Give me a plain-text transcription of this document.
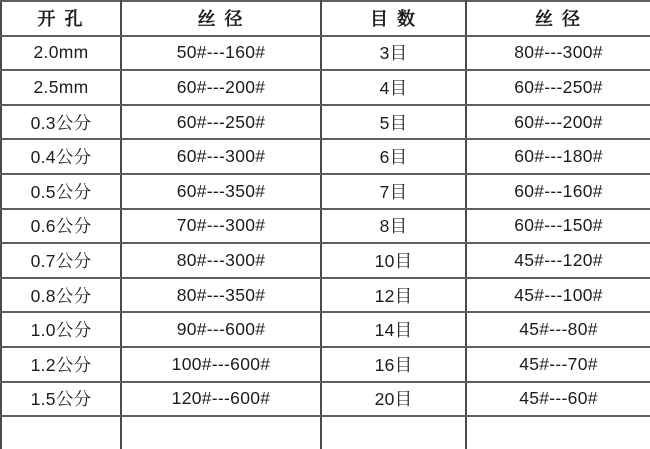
开 孔	丝 径	目 数	丝 径
2.0mm	50#---160#	3目	80#---300#
2.5mm	60#---200#	4目	60#---250#
0.3公分	60#---250#	5目	60#---200#
0.4公分	60#---300#	6目	60#---180#
0.5公分	60#---350#	7目	60#---160#
0.6公分	70#---300#	8目	60#---150#
0.7公分	80#---300#	10目	45#---120#
0.8公分	80#---350#	12目	45#---100#
1.0公分	90#---600#	14目	45#---80#
1.2公分	100#---600#	16目	45#---70#
1.5公分	120#---600#	20目	45#---60#
